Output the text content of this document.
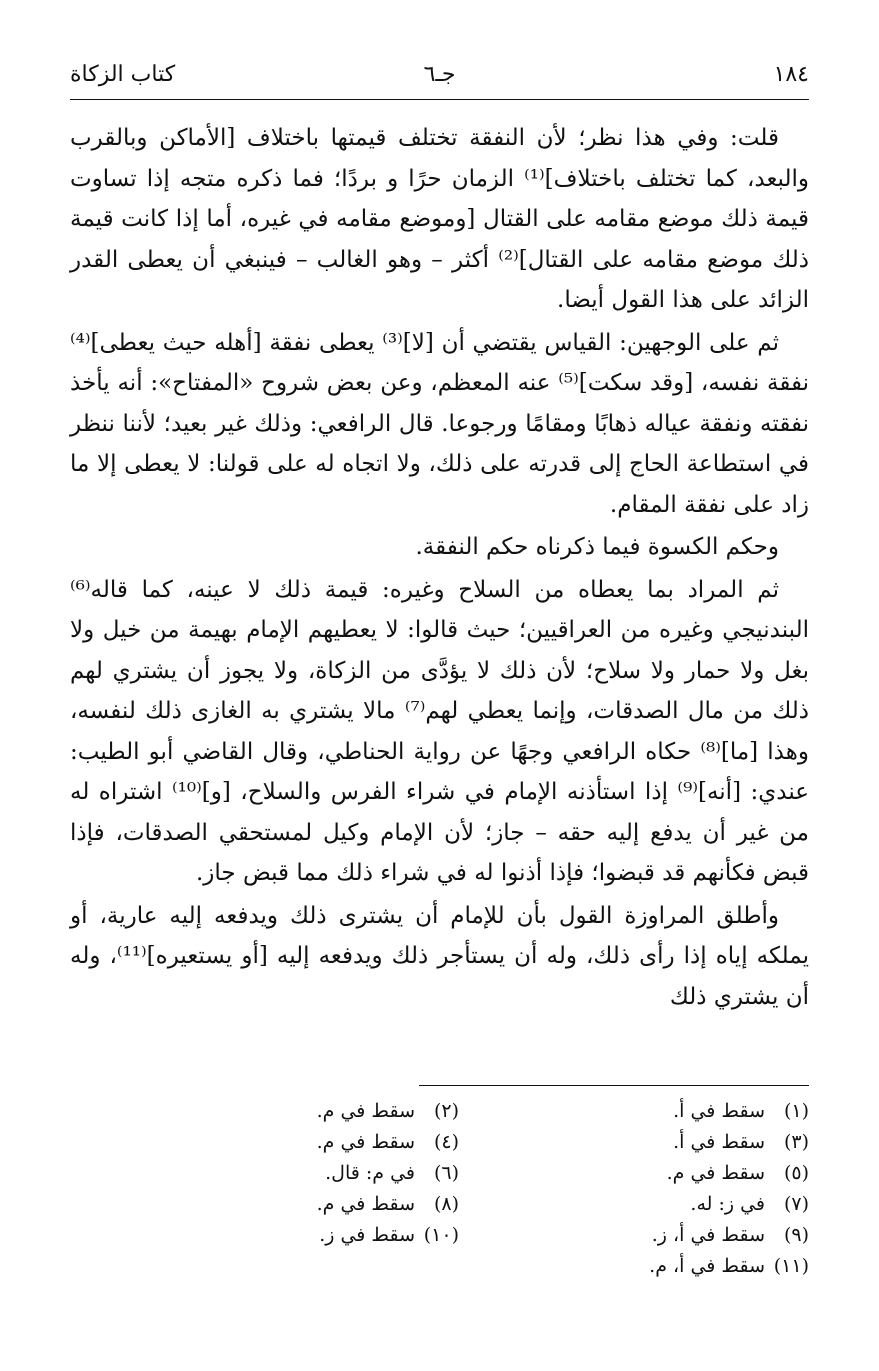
١٨٤
جـ٦
كتاب الزكاة

قلت: وفي هذا نظر؛ لأن النفقة تختلف قيمتها باختلاف [الأماكن وبالقرب والبعد، كما تختلف باختلاف]⁽¹⁾ الزمان حرًا و بردًا؛ فما ذكره متجه إذا تساوت قيمة ذلك موضع مقامه على القتال [وموضع مقامه في غيره، أما إذا كانت قيمة ذلك موضع مقامه على القتال]⁽²⁾ أكثر – وهو الغالب – فينبغي أن يعطى القدر الزائد على هذا القول أيضا.

ثم على الوجهين: القياس يقتضي أن [لا]⁽³⁾ يعطى نفقة [أهله حيث يعطى]⁽⁴⁾ نفقة نفسه، [وقد سكت]⁽⁵⁾ عنه المعظم، وعن بعض شروح «المفتاح»: أنه يأخذ نفقته ونفقة عياله ذهابًا ومقامًا ورجوعا. قال الرافعي: وذلك غير بعيد؛ لأننا ننظر في استطاعة الحاج إلى قدرته على ذلك، ولا اتجاه له على قولنا: لا يعطى إلا ما زاد على نفقة المقام.

وحكم الكسوة فيما ذكرناه حكم النفقة.

ثم المراد بما يعطاه من السلاح وغيره: قيمة ذلك لا عينه، كما قاله⁽⁶⁾ البندنيجي وغيره من العراقيين؛ حيث قالوا: لا يعطيهم الإمام بهيمة من خيل ولا بغل ولا حمار ولا سلاح؛ لأن ذلك لا يؤدَّى من الزكاة، ولا يجوز أن يشتري لهم ذلك من مال الصدقات، وإنما يعطي لهم⁽⁷⁾ مالا يشتري به الغازى ذلك لنفسه، وهذا [ما]⁽⁸⁾ حكاه الرافعي وجهًا عن رواية الحناطي، وقال القاضي أبو الطيب: عندي: [أنه]⁽⁹⁾ إذا استأذنه الإمام في شراء الفرس والسلاح، [و]⁽¹⁰⁾ اشتراه له من غير أن يدفع إليه حقه – جاز؛ لأن الإمام وكيل لمستحقي الصدقات، فإذا قبض فكأنهم قد قبضوا؛ فإذا أذنوا له في شراء ذلك مما قبض جاز.

وأطلق المراوزة القول بأن للإمام أن يشترى ذلك ويدفعه إليه عارية، أو يملكه إياه إذا رأى ذلك، وله أن يستأجر ذلك ويدفعه إليه [أو يستعيره]⁽¹¹⁾، وله أن يشتري ذلك

(١)سقط في أ.
(٢)سقط في م.
(٣)سقط في أ.
(٤)سقط في م.
(٥)سقط في م.
(٦)في م: قال.
(٧)في ز: له.
(٨)سقط في م.
(٩)سقط في أ، ز.
(١٠)سقط في ز.
(١١)سقط في أ، م.
